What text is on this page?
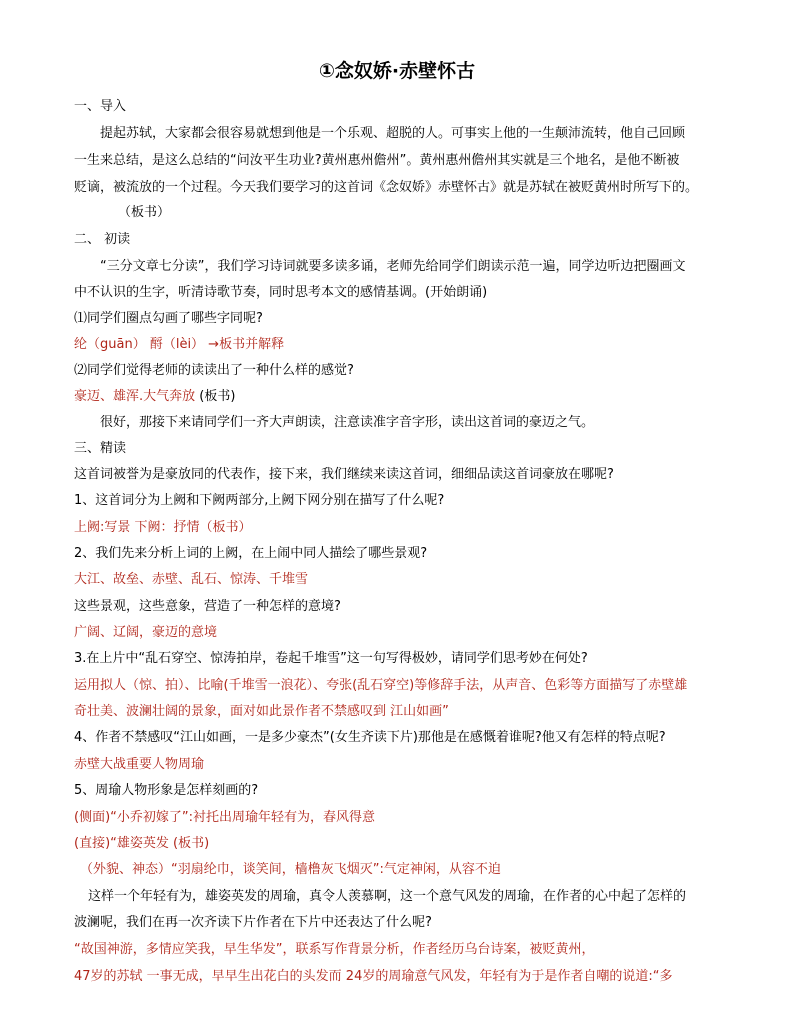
①念奴娇·赤壁怀古
一、导入
提起苏轼，大家都会很容易就想到他是一个乐观、超脱的人。可事实上他的一生颠沛流转，他自己回顾
一生来总结，是这么总结的“问汝平生功业?黄州惠州儋州”。黄州惠州儋州其实就是三个地名，是他不断被
贬谪，被流放的一个过程。今天我们要学习的这首词《念奴娇》赤壁怀古》就是苏轼在被贬黄州时所写下的。
（板书）
二、 初读
“三分文章七分读”，我们学习诗词就要多读多诵，老师先给同学们朗读示范一遍，同学边听边把圈画文
中不认识的生字，听清诗歌节奏，同时思考本文的感情基调。(开始朗诵)
⑴同学们圈点勾画了哪些字同呢?
纶（guān） 酹（lèi） →板书并解释
⑵同学们觉得老师的读读出了一种什么样的感觉?
豪迈、雄浑.大气奔放 (板书)
很好，那接下来请同学们一齐大声朗读，注意读准字音字形，读出这首词的豪迈之气。
三、精读
这首词被誉为是豪放同的代表作，接下来，我们继续来读这首词，细细品读这首词豪放在哪呢?
1、这首词分为上阙和下阙两部分,上阙下网分别在描写了什么呢?
上阙:写景 下阙：抒情（板书）
2、我们先来分析上词的上阙，在上闹中同人描绘了哪些景观?
大江、故垒、赤壁、乱石、惊涛、千堆雪
这些景观，这些意象，营造了一种怎样的意境?
广阔、辽阔，豪迈的意境
3.在上片中“乱石穿空、惊涛拍岸，卷起千堆雪”这一句写得极妙，请同学们思考妙在何处?
运用拟人（惊、拍）、比喻(千堆雪一浪花）、夸张(乱石穿空)等修辞手法，从声音、色彩等方面描写了赤壁雄
奇壮美、波澜壮阔的景象，面对如此景作者不禁感叹到 江山如画”
4、作者不禁感叹“江山如画，一是多少豪杰”(女生齐读下片)那他是在感慨着谁呢?他又有怎样的特点呢?
赤壁大战重要人物周瑜
5、周瑜人物形象是怎样刻画的?
(侧面)“小乔初嫁了”:衬托出周瑜年轻有为，春风得意
(直接)“雄姿英发 (板书)
（外貌、神态）“羽扇纶巾，谈笑间，樯橹灰飞烟灭”:气定神闲，从容不迫
这样一个年轻有为，雄姿英发的周瑜，真令人羡慕啊，这一个意气风发的周瑜，在作者的心中起了怎样的
波澜呢，我们在再一次齐读下片作者在下片中还表达了什么呢?
“故国神游，多情应笑我，早生华发”，联系写作背景分析，作者经历乌台诗案，被贬黄州，
47岁的苏轼 一事无成，早早生出花白的头发而 24岁的周瑜意气风发，年轻有为于是作者自嘲的说道:“多
